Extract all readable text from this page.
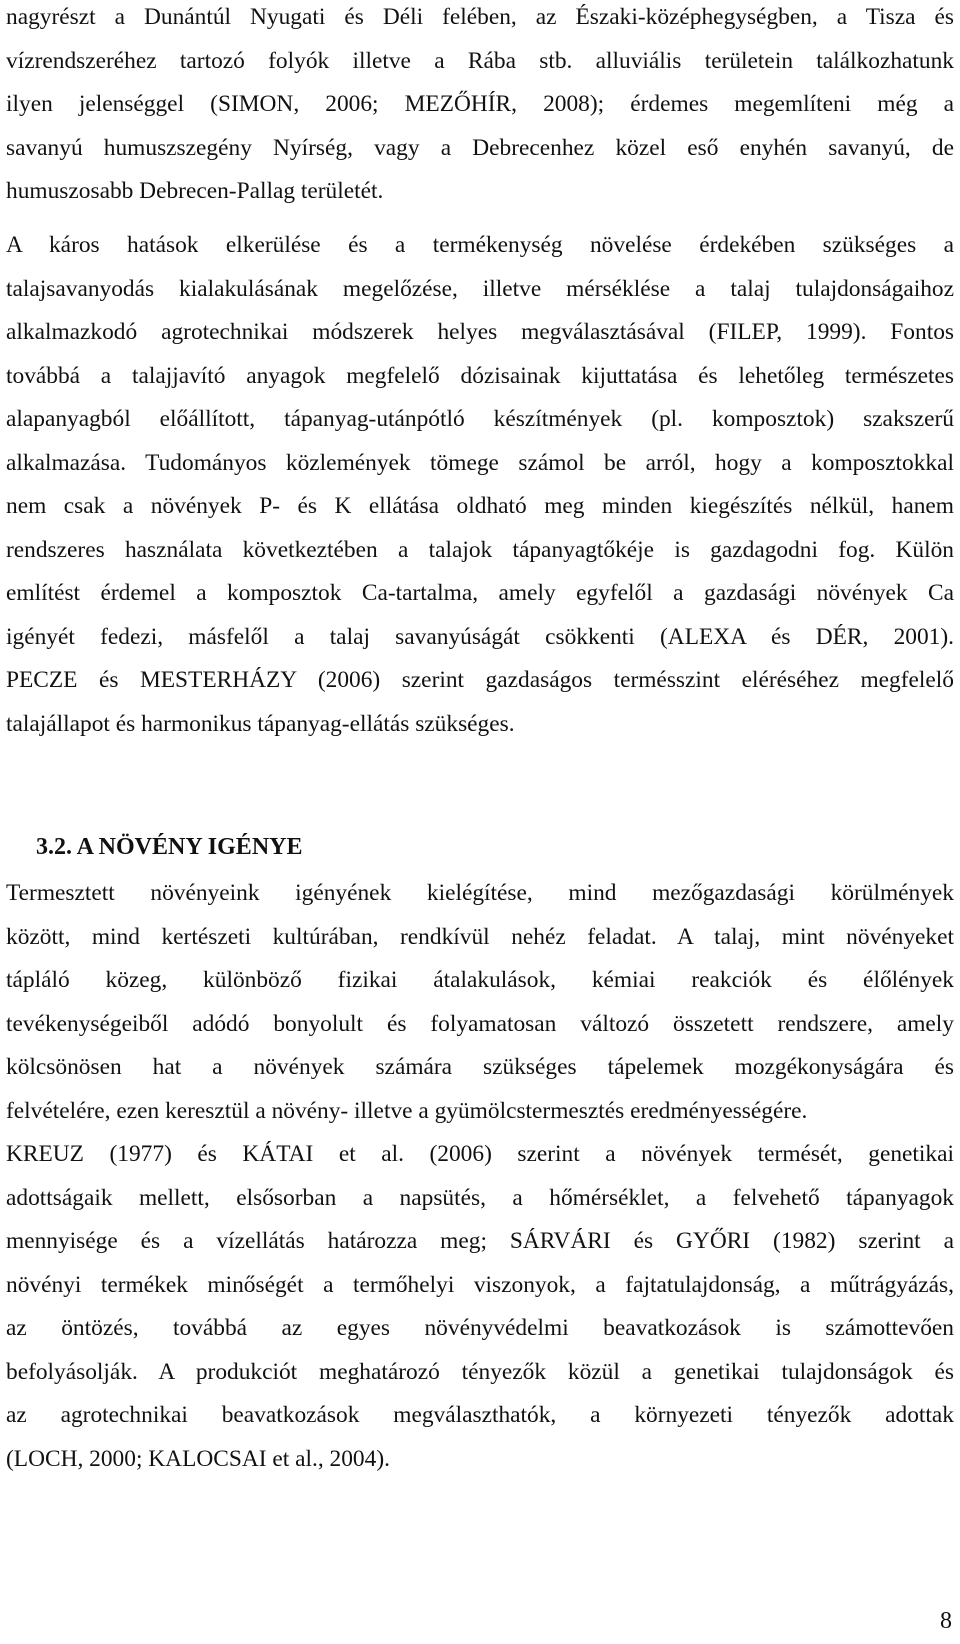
nagyrészt a Dunántúl Nyugati és Déli felében, az Északi-középhegységben, a Tisza és
vízrendszeréhez tartozó folyók illetve a Rába stb. alluviális területein találkozhatunk
ilyen jelenséggel (SIMON, 2006; MEZŐHÍR, 2008); érdemes megemlíteni még a
savanyú humuszszegény Nyírség, vagy a Debrecenhez közel eső enyhén savanyú, de
humuszosabb Debrecen-Pallag területét.
A káros hatások elkerülése és a termékenység növelése érdekében szükséges a
talajsavanyodás kialakulásának megelőzése, illetve mérséklése a talaj tulajdonságaihoz
alkalmazkodó agrotechnikai módszerek helyes megválasztásával (FILEP, 1999). Fontos
továbbá a talajjavító anyagok megfelelő dózisainak kijuttatása és lehetőleg természetes
alapanyagból előállított, tápanyag-utánpótló készítmények (pl. komposztok) szakszerű
alkalmazása. Tudományos közlemények tömege számol be arról, hogy a komposztokkal
nem csak a növények P- és K ellátása oldható meg minden kiegészítés nélkül, hanem
rendszeres használata következtében a talajok tápanyagtőkéje is gazdagodni fog. Külön
említést érdemel a komposztok Ca-tartalma, amely egyfelől a gazdasági növények Ca
igényét fedezi, másfelől a talaj savanyúságát csökkenti (ALEXA és DÉR, 2001).
PECZE és MESTERHÁZY (2006) szerint gazdaságos termésszint eléréséhez megfelelő
talajállapot és harmonikus tápanyag-ellátás szükséges.
3.2. A NÖVÉNY IGÉNYE
Termesztett növényeink igényének kielégítése, mind mezőgazdasági körülmények
között, mind kertészeti kultúrában, rendkívül nehéz feladat. A talaj, mint növényeket
tápláló közeg, különböző fizikai átalakulások, kémiai reakciók és élőlények
tevékenységeiből adódó bonyolult és folyamatosan változó összetett rendszere, amely
kölcsönösen hat a növények számára szükséges tápelemek mozgékonyságára és
felvételére, ezen keresztül a növény- illetve a gyümölcstermesztés eredményességére.
KREUZ (1977) és KÁTAI et al. (2006) szerint a növények termését, genetikai
adottságaik mellett, elsősorban a napsütés, a hőmérséklet, a felvehető tápanyagok
mennyisége és a vízellátás határozza meg; SÁRVÁRI és GYŐRI (1982) szerint a
növényi termékek minőségét a termőhelyi viszonyok, a fajtatulajdonság, a műtrágyázás,
az öntözés, továbbá az egyes növényvédelmi beavatkozások is számottevően
befolyásolják. A produkciót meghatározó tényezők közül a genetikai tulajdonságok és
az agrotechnikai beavatkozások megválaszthatók, a környezeti tényezők adottak
(LOCH, 2000; KALOCSAI et al., 2004).
8
